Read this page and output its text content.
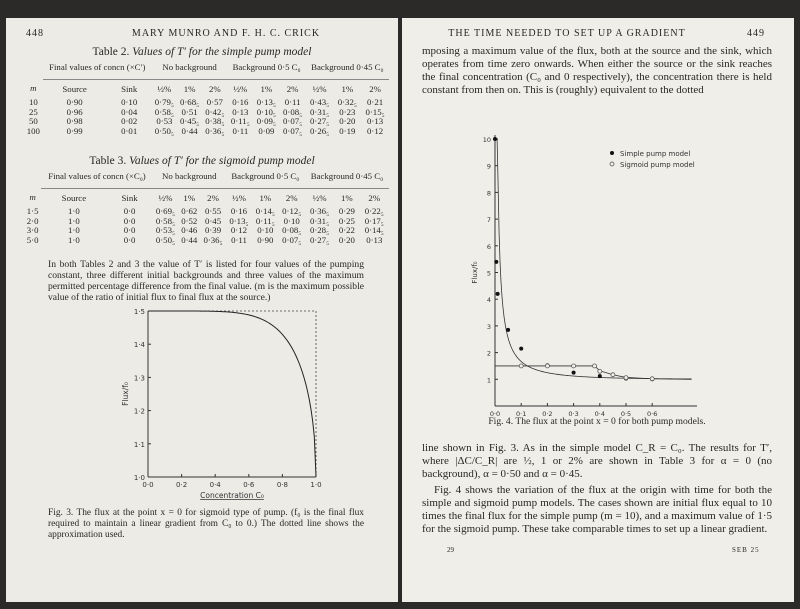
448	MARY MUNRO AND F. H. C. CRICK
Table 2. Values of T′ for the simple pump model
	Final values of concn (×C′)		No background			Background 0·5 C₀			Background 0·45 C₀		
m	Source	Sink	½%	1%	2%	½%	1%	2%	½%	1%	2%
10	0·90	0·10	0·79₅	0·68₅	0·57	0·16	0·13₅	0·11	0·43₅	0·32₅	0·21
25	0·96	0·04	0·58₅	0·51	0·42₅	0·13	0·10₅	0·08₅	0·31₅	0·23	0·15₅
50	0·98	0·02	0·53	0·45₅	0·38₅	0·11₅	0·09₅	0·07₅	0·27₅	0·20	0·13
100	0·99	0·01	0·50₅	0·44	0·36₅	0·11	0·09	0·07₅	0·26₅	0·19	0·12
Table 3. Values of T′ for the sigmoid pump model
	Final values of concn (×C₀)		No background			Background 0·5 C₀			Background 0·45 C₀		
m	Source	Sink	½%	1%	2%	½%	1%	2%	½%	1%	2%
1·5	1·0	0·0	0·69₅	0·62	0·55	0·16	0·14₅	0·12₅	0·36₅	0·29	0·22₅
2·0	1·0	0·0	0·58₅	0·52	0·45	0·13₅	0·11₅	0·10	0·31₅	0·25	0·17₅
3·0	1·0	0·0	0·53₅	0·46	0·39	0·12	0·10	0·08₅	0·28₅	0·22	0·14₅
5·0	1·0	0·0	0·50₅	0·44	0·36₅	0·11	0·90	0·07₅	0·27₅	0·20	0·13
In both Tables 2 and 3 the value of T′ is listed for four values of the pumping constant, three different initial backgrounds and three values of the maximum permitted percentage difference from the final value. (m is the maximum possible value of the ratio of initial flux to final flux at the source.)
0·0	0·2	0·4	0·6	0·8	1·0
1·0
1·1
1·2
1·3
1·4
1·5
Concentration C₀
Flux/f₀
Fig. 3. The flux at the point x = 0 for sigmoid type of pump. (f₀ is the final flux required to maintain a linear gradient from C₀ to 0.) The dotted line shows the approximation used.
THE TIME NEEDED TO SET UP A GRADIENT	449
mposing a maximum value of the flux, both at the source and the sink, which operates from time zero onwards. When either the source or the sink reaches the final concentration (C₀ and 0 respectively), the concentration there is held constant from then on. This is (roughly) equivalent to the dotted
0·0 0·1 0·2 0·3 0·4 0·5 0·6
1
2
3
4
5
6
7
8
9
10
Flux/f₀
Simple pump model
Sigmoid pump model
Fig. 4. The flux at the point x = 0 for both pump models.
line shown in Fig. 3. As in the simple model C_R = C₀. The results for T′, where |ΔC/C_R| are ½, 1 or 2% are shown in Table 3 for α = 0 (no background), α = 0·50 and α = 0·45.
Fig. 4 shows the variation of the flux at the origin with time for both the simple and sigmoid pump models. The cases shown are initial flux equal to 10 times the final flux for the simple pump (m = 10), and a maximum value of 1·5 for the sigmoid pump. These take comparable times to set up a linear gradient.
29	SEB 25
